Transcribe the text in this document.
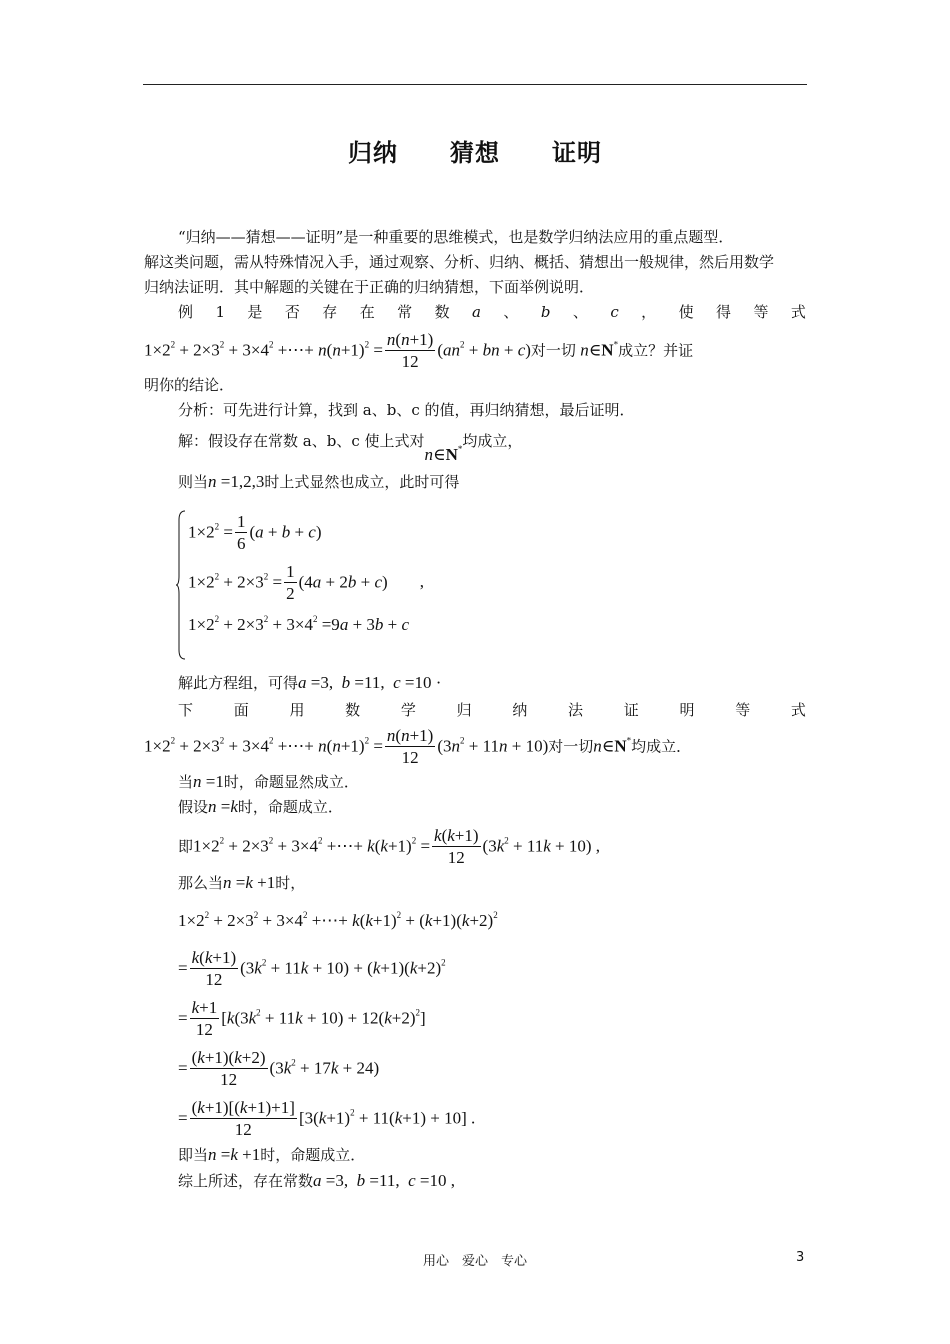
归纳 猜想 证明
“归纳——猜想——证明”是一种重要的思维模式，也是数学归纳法应用的重点题型．
解这类问题，需从特殊情况入手，通过观察、分析、归纳、概括、猜想出一般规律，然后用数学
归纳法证明．其中解题的关键在于正确的归纳猜想，下面举例说明．
例 1 是 否 存 在 常 数 a 、 b 、 c ， 使 得 等 式
$1\times 2^2 + 2\times 3^2 + 3\times 4^2$ +⋯+ $n(n+1)^2 = \frac{n(n+1)}{12} (an^2$ + bn + c)对一切 n∈N*成立？并证
明你的结论．
分析：可先进行计算，找到 a、b、c 的值，再归纳猜想，最后证明．
解：假设存在常数 a、b、c 使上式对n∈N*均成立，
则当n =1,2,3时上式显然也成立，此时可得
$1\times 2^2 = \frac{1}{6} (a + b + c)$
$1\times 2^2 + 2\times 3^2 = \frac{1}{2} (4a + 2b + c)$ ,
$1\times 2^2 + 2\times 3^2 + 3\times 4^2 =9a + 3b + c$
解此方程组，可得a =3,  b =11,  c =10 ·
下	面	用	数	学	归	纳	法	证	明	等	式
$1\times 2^2 + 2\times 3^2 + 3\times 4^2$ +⋯+ $n(n+1)^2 = \frac{n(n+1)}{12} (3n^2 + 11n + 10)$对一切n∈N*均成立．
当n =1时，命题显然成立．
假设n =k时，命题成立．
即$1\times 2^2 + 2\times 3^2 + 3\times 4^2$ +⋯+ $k(k+1)^2 = \frac{k(k+1)}{12} (3k^2 + 11k + 10)$ ,
那么当n =k +1时，
$1\times 2^2 + 2\times 3^2 + 3\times 4^2$ +⋯+ $k(k+1)^2 + (k+1)(k+2)^2$
= $\frac{k(k+1)}{12} (3k^2 + 11k + 10) + (k+1)(k+2)^2$
= $\frac{k+1}{12} [k(3k^2 + 11k + 10) + 12(k+2)^2]$
= $\frac{(k+1)(k+2)}{12} (3k^2 + 17k + 24)$
= $\frac{(k+1)[(k+1)+1]}{12} [3(k+1)^2 + 11(k+1) + 10]$ .
即当n =k +1时，命题成立．
综上所述，存在常数a =3,  b =11,  c =10 ,
用心　爱心　专心	3
